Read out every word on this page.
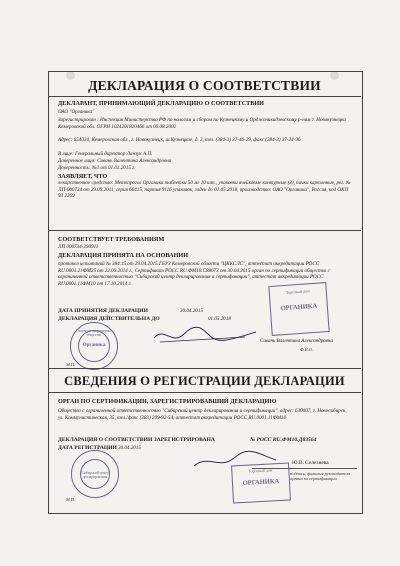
ДЕКЛАРАЦИЯ О СООТВЕТСТВИИ
ДЕКЛАРАНТ, ПРИНИМАЮЩИЙ ДЕКЛАРАЦИЮ О СООТВЕТСТВИИ
ОАО "Органика"
Зарегистрирован : Инспекция Министерства РФ по налогам и сборам по Кузнецкому и Орджоникидзевскому р-нам г. Новокузнецка Кемеровской обл. ОГРН 1024201820466 от 09.08.2002
Адрес: 654034, Кемеровская обл., г. Новокузнецк, ш.Кузнецкое, д. 3, тел. (384-3) 37-46-29, факс (384-3) 37-24-96
В лице: Генеральный директор Ланзук А.П.
Доверенное лицо: Сивань Валентина Александровна
Доверенность: №1 от 01.01.2015 г.
ЗАЯВЛЯЕТ, ЧТО
лекарственное средство: Метопрогол Органика таблетки 50 мг 10 шт., упаковки ячейковые контурные (3), пачки картонные, рег. № ЛП-000734 от 29.09.2011, серия 60415, партия 9116 упаковок, годен до 01.05.2018, производство: ОАО "Органика", Россия, код ОКП 93 2269
СООТВЕТСТВУЕТ ТРЕБОВАНИЯМ
ЛП 000734-290911
ДЕКЛАРАЦИЯ ПРИНЯТА НА ОСНОВАНИИ
протокол испытаний № 384.15 от 29.04.2015 ГБУЗ Кемеровской области "ЦККСЛС", аттестат аккредитации РОСС RU.0001.21ФМ25 от 22.09.2014 г., Сертификат РОСС RU.ФМ10.С88673 от 30.04.2015 орган по сертификации общество с ограниченной ответственностью "Сибирский центр декларирования и сертификации", аттестат аккредитации РОСС RU.0001.11ФМ10 от 17.10.2014 г.
ДАТА ПРИНЯТИЯ ДЕКЛАРАЦИИ	30.04.2015
ДЕКЛАРАЦИЯ ДЕЙСТВИТЕЛЬНА ДО	01.05.2018
Открытое акционерное общество
Органика
Торговый дом
ОРГАНИКА
Сивань Валентина Александровна
Ф.И.О.
М.П.
СВЕДЕНИЯ О РЕГИСТРАЦИИ ДЕКЛАРАЦИИ
ОРГАН ПО СЕРТИФИКАЦИИ, ЗАРЕГИСТРИРОВАВШИЙ ДЕКЛАРАЦИЮ
Общество с ограниченной ответственностью "Сибирский центр декларирования и сертификации", адрес: 630007, г. Новосибирск, ул. Коммунистическая, 35, тел./факс (383) 209-92-54, аттестат аккредитации РОСС RU.0001.11ФМ10
ДЕКЛАРАЦИЯ О СООТВЕТСТВИИ ЗАРЕГИСТРИРОВАНА	№ РОСС RU.ФМ10.Д83564
ДАТА РЕГИСТРАЦИИ 30.04.2015
Сибирский центр декларирования
Торговый дом
ОРГАНИКА
Ю.В. Селезнева
подпись, фамилия руководителя органа по сертификации
М.П.
